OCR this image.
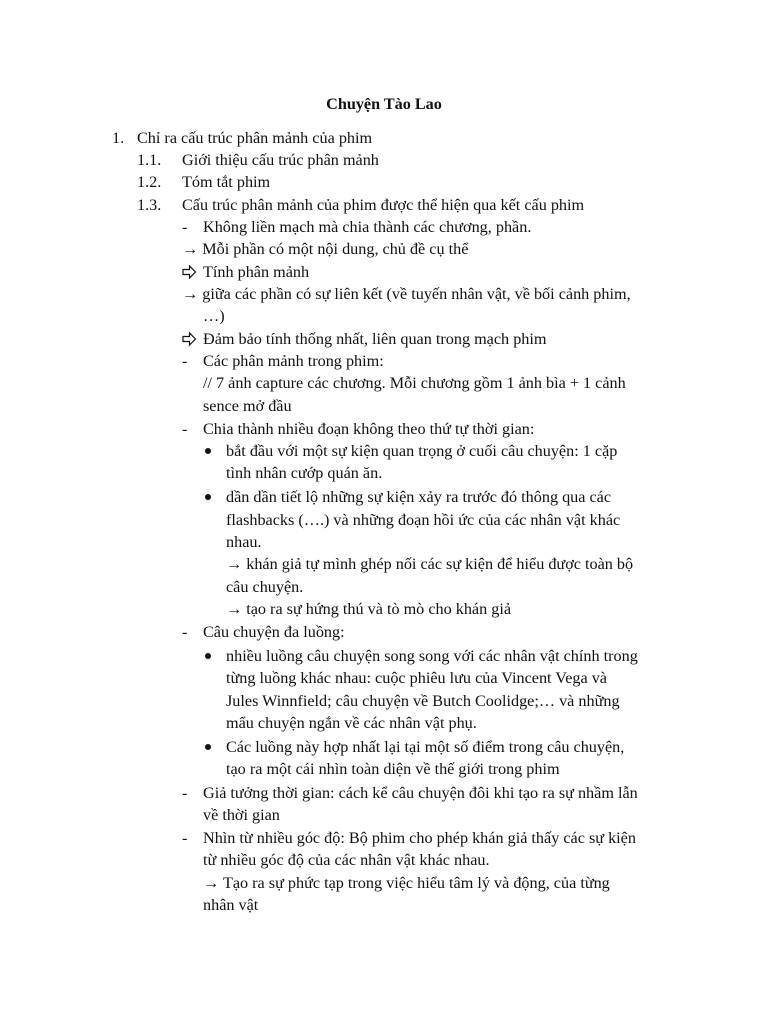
Chuyện Tào Lao
1. Chỉ ra cấu trúc phân mảnh của phim
1.1. Giới thiệu cấu trúc phân mảnh
1.2. Tóm tắt phim
1.3. Cấu trúc phân mảnh của phim được thể hiện qua kết cấu phim
- Không liền mạch mà chia thành các chương, phần.
→ Mỗi phần có một nội dung, chủ đề cụ thể
Tính phân mảnh
→ giữa các phần có sự liên kết (về tuyến nhân vật, về bối cảnh phim,
…)
Đảm bảo tính thống nhất, liên quan trong mạch phim
- Các phân mảnh trong phim:
// 7 ảnh capture các chương. Mỗi chương gồm 1 ảnh bìa + 1 cảnh
sence mở đầu
- Chia thành nhiều đoạn không theo thứ tự thời gian:
bắt đầu với một sự kiện quan trọng ở cuối câu chuyện: 1 cặp
tình nhân cướp quán ăn.
dần dần tiết lộ những sự kiện xảy ra trước đó thông qua các
flashbacks (….) và những đoạn hồi ức của các nhân vật khác
nhau.
→ khán giả tự mình ghép nối các sự kiện để hiểu được toàn bộ
câu chuyện.
→ tạo ra sự hứng thú và tò mò cho khán giả
- Câu chuyện đa luồng:
nhiều luồng câu chuyện song song với các nhân vật chính trong
từng luồng khác nhau: cuộc phiêu lưu của Vincent Vega và
Jules Winnfield; câu chuyện về Butch Coolidge;… và những
mẩu chuyện ngắn về các nhân vật phụ.
Các luồng này hợp nhất lại tại một số điểm trong câu chuyện,
tạo ra một cái nhìn toàn diện về thế giới trong phim
- Giả tưởng thời gian: cách kể câu chuyện đôi khi tạo ra sự nhầm lẫn
về thời gian
- Nhìn từ nhiều góc độ: Bộ phim cho phép khán giả thấy các sự kiện
từ nhiều góc độ của các nhân vật khác nhau.
→ Tạo ra sự phức tạp trong việc hiểu tâm lý và động, của từng
nhân vật
